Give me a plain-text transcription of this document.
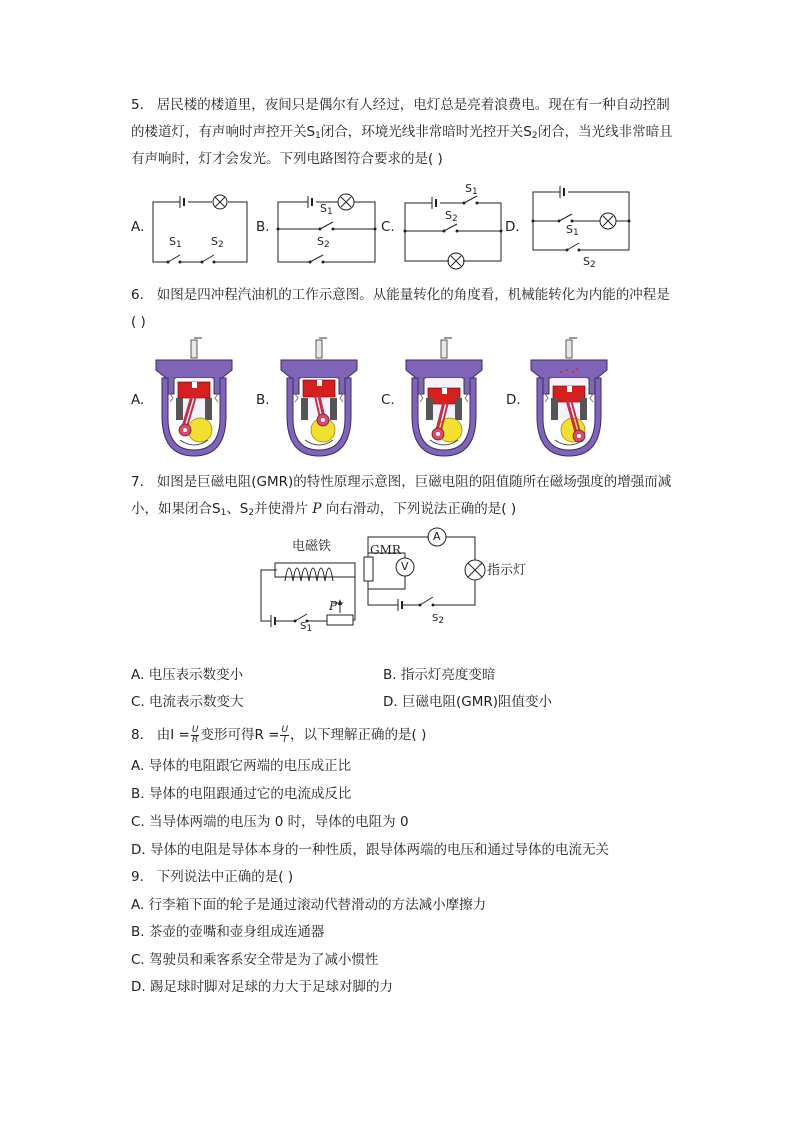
5. 居民楼的楼道里，夜间只是偶尔有人经过，电灯总是亮着浪费电。现在有一种自动控制
的楼道灯，有声响时声控开关$S_1$闭合，环境光线非常暗时光控开关$S_2$闭合，当光线非常暗且
有声响时，灯才会发光。下列电路图符合要求的是( )
A.	B.	C.	D.
$S_1$	$S_2$
$S_1$
$S_2$
$S_1$
$S_2$
$S_1$
$S_2$
6. 如图是四冲程汽油机的工作示意图。从能量转化的角度看，机械能转化为内能的冲程是
( )
A.	B.	C.	D.
7. 如图是巨磁电阻(GMR)的特性原理示意图，巨磁电阻的阻值随所在磁场强度的增强而减
小，如果闭合$S_1$、$S_2$并使滑片 P 向右滑动，下列说法正确的是( )
电磁铁	GMR
A
V	指示灯
P
$S_1$
$S_2$
A. 电压表示数变小	B. 指示灯亮度变暗
C. 电流表示数变大	D. 巨磁电阻(GMR)阻值变小
8. 由$I = \frac{U}{R}$ 变形可得$R = \frac{U}{I}$ ，以下理解正确的是( )
A. 导体的电阻跟它两端的电压成正比
B. 导体的电阻跟通过它的电流成反比
C. 当导体两端的电压为 0 时，导体的电阻为 0
D. 导体的电阻是导体本身的一种性质，跟导体两端的电压和通过导体的电流无关
9. 下列说法中正确的是( )
A. 行李箱下面的轮子是通过滚动代替滑动的方法减小摩擦力
B. 茶壶的壶嘴和壶身组成连通器
C. 驾驶员和乘客系安全带是为了减小惯性
D. 踢足球时脚对足球的力大于足球对脚的力
